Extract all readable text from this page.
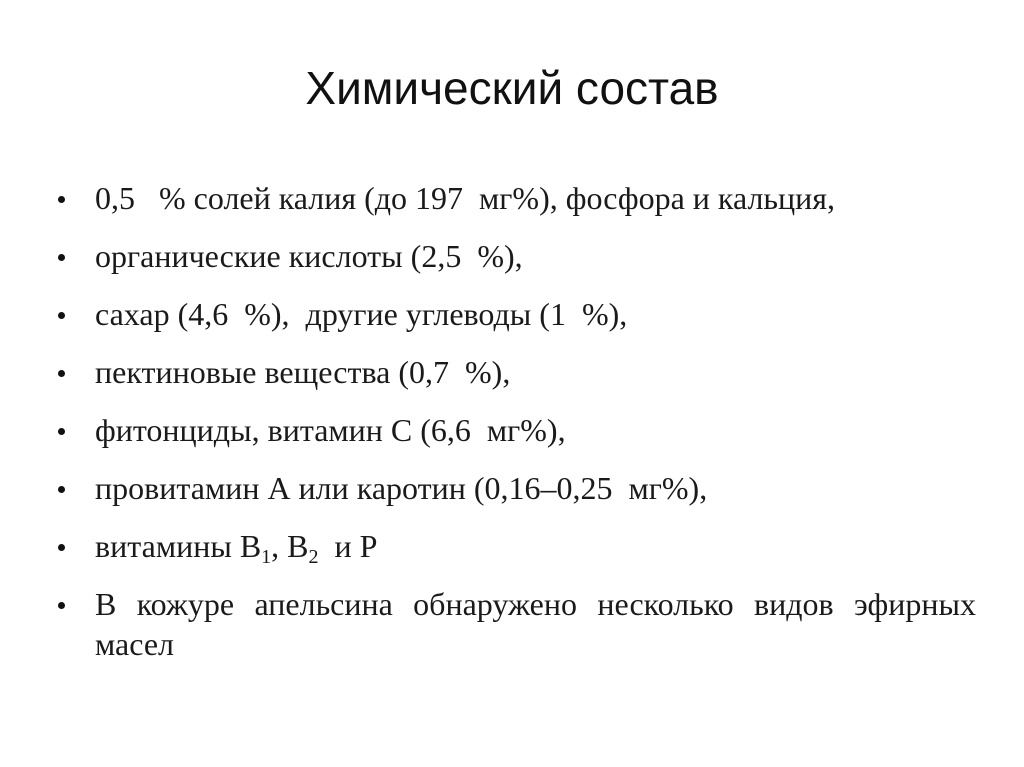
Химический состав
0,5   % солей калия (до 197  мг%), фосфора и кальция,
органические кислоты (2,5  %),
сахар (4,6  %),  другие углеводы (1  %),
пектиновые вещества (0,7  %),
фитонциды, витамин С (6,6  мг%),
провитамин А или каротин (0,16–0,25  мг%),
витамины $В_1$, $В_2$  и Р
В кожуре апельсина обнаружено несколько видов эфирных масел
